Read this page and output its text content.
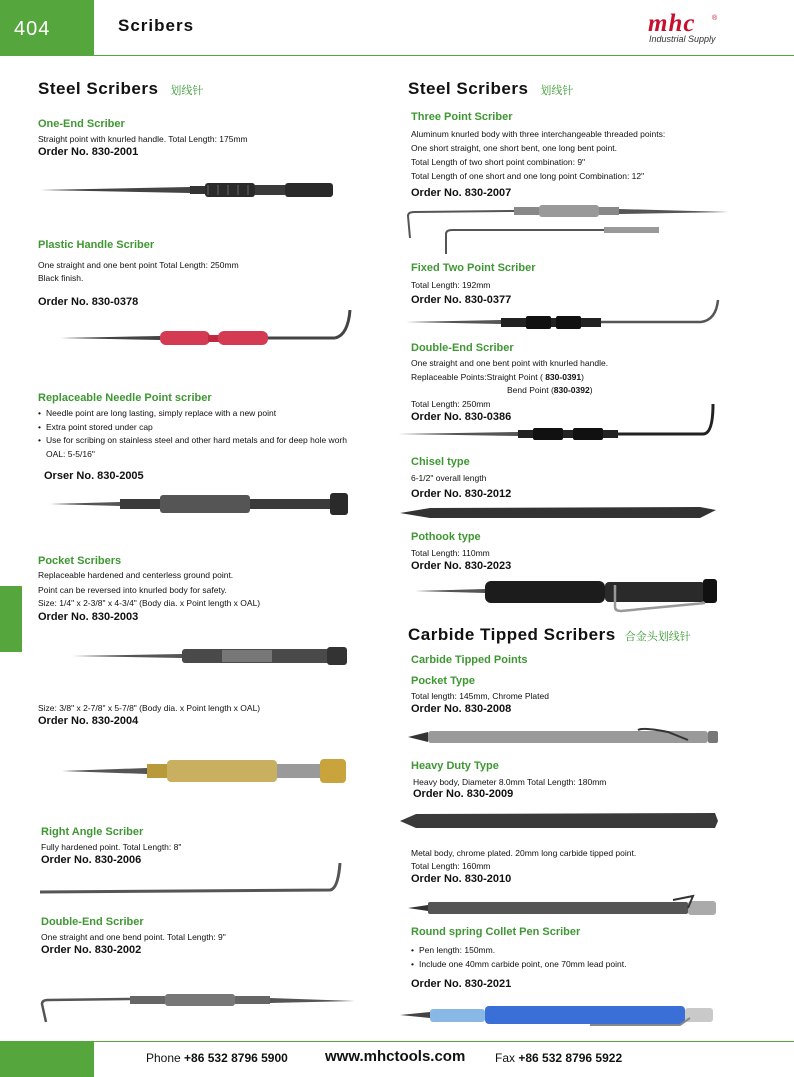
404	Scribers	mhc ®
Industrial Supply
Steel Scribers 划线针
One-End Scriber
Straight point with knurled handle. Total Length: 175mm
Order No. 830-2001
Plastic Handle Scriber
One straight and one bent point Total Length: 250mm
Black finish.
Order No. 830-0378
Replaceable Needle Point scriber
• Needle point are long lasting, simply replace with a new point
• Extra point stored under cap
• Use for scribing on stainless steel and other hard metals and for deep hole worh
OAL: 5-5/16"
Orser No. 830-2005
Pocket Scribers
Replaceable hardened and centerless ground point.
Point can be reversed into knurled body for safety.
Size: 1/4" x 2-3/8" x 4-3/4" (Body dia. x Point length x OAL)
Order No. 830-2003
Size: 3/8" x 2-7/8" x 5-7/8" (Body dia. x Point length x OAL)
Order No. 830-2004
Right Angle Scriber
Fully hardened point. Total Length: 8"
Order No. 830-2006
Double-End Scriber
One straight and one bend point. Total Length: 9"
Order No. 830-2002
Steel Scribers 划线针
Three Point Scriber
Aluminum knurled body with three interchangeable threaded points:
One short straight, one short bent, one long bent point.
Total Length of two short point combination: 9"
Total Length of one short and one long point Combination: 12"
Order No. 830-2007
Fixed Two Point Scriber
Total Length: 192mm
Order No. 830-0377
Double-End Scriber
One straight and one bent point with knurled handle.
Replaceable Points:Straight Point ( 830-0391)
Bend Point (830-0392)
Total Length: 250mm
Order No. 830-0386
Chisel type
6-1/2" overall length
Order No. 830-2012
Pothook type
Total Length: 110mm
Order No. 830-2023
Carbide Tipped Scribers 合金头划线针
Carbide Tipped Points
Pocket Type
Total length: 145mm, Chrome Plated
Order No. 830-2008
Heavy Duty Type
Heavy body, Diameter 8.0mm Total Length: 180mm
Order No. 830-2009
Metal body, chrome plated. 20mm long carbide tipped point.
Total Length: 160mm
Order No. 830-2010
Round spring Collet Pen Scriber
• Pen length: 150mm.
• Include one 40mm carbide point, one 70mm lead point.
Order No. 830-2021
Phone +86 532 8796 5900 www.mhctools.com Fax +86 532 8796 5922
